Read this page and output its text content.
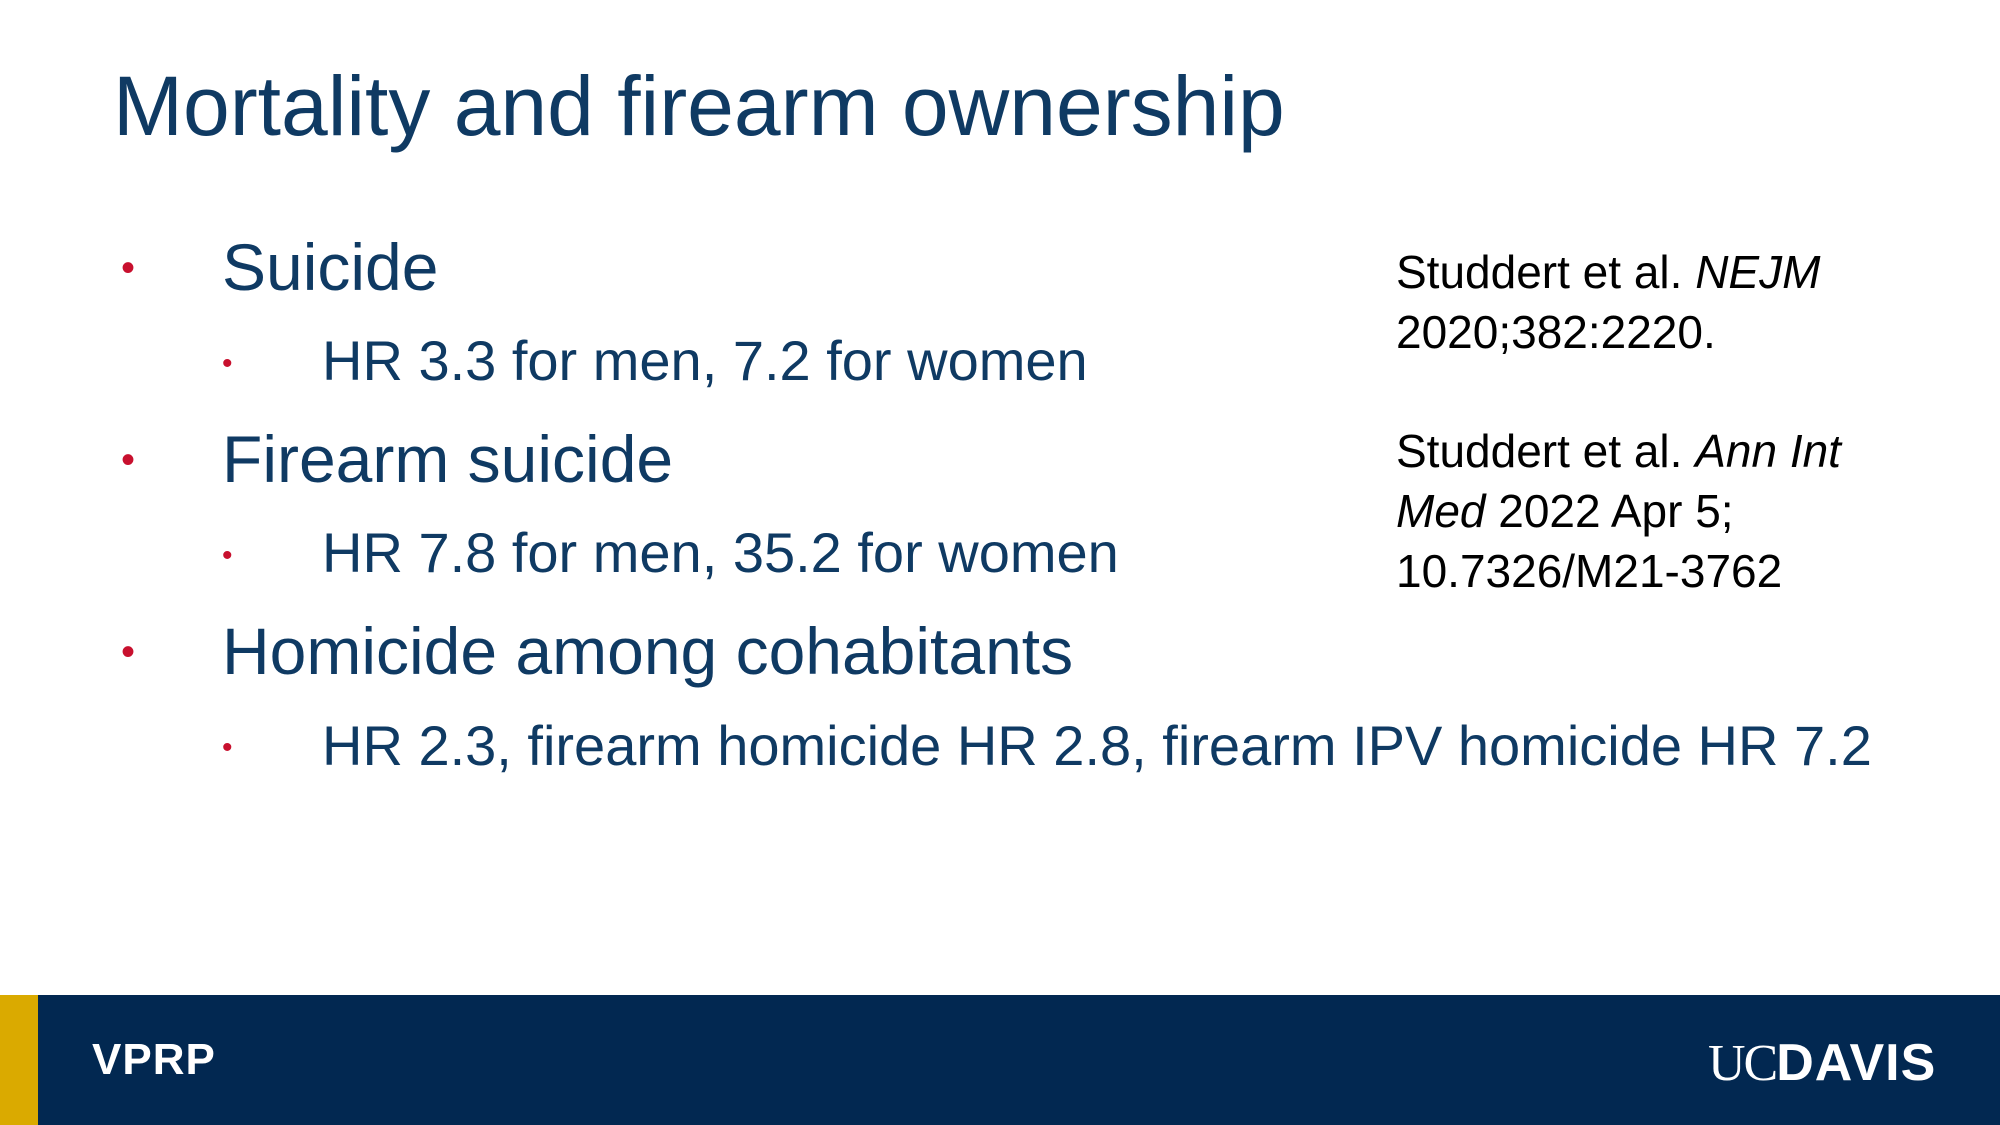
Mortality and firearm ownership
• Suicide
• HR 3.3 for men, 7.2 for women
• Firearm suicide
• HR 7.8 for men, 35.2 for women
• Homicide among cohabitants
• HR 2.3, firearm homicide HR 2.8, firearm IPV homicide HR 7.2
Studdert et al. NEJM
2020;382:2220.
Studdert et al. Ann Int Med 2022 Apr 5; 10.7326/M21-3762
VPRP	UCDAVIS
